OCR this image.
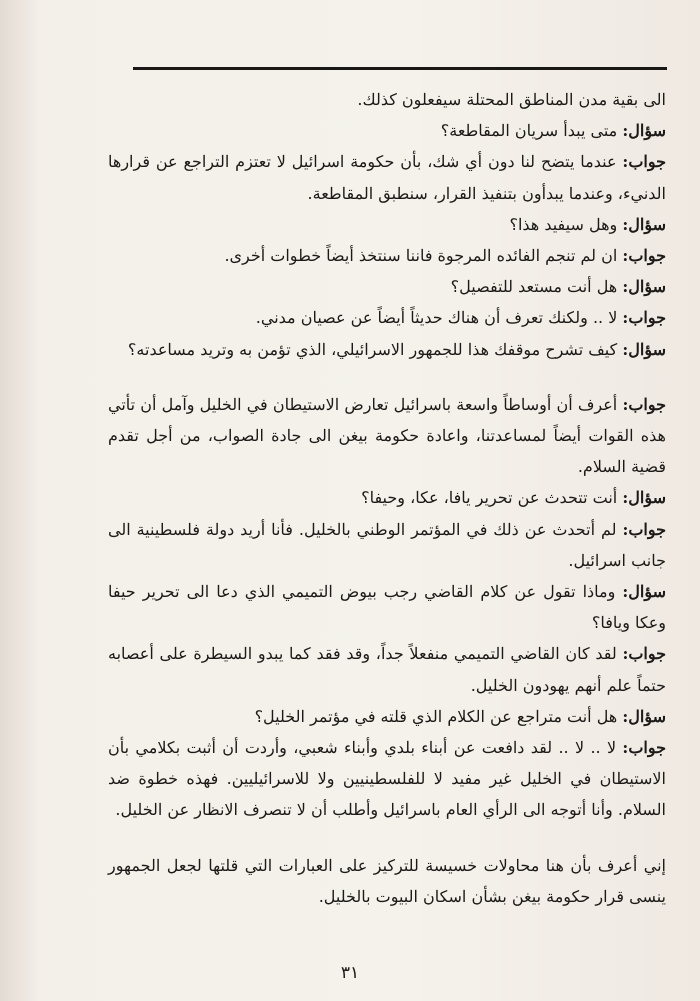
الى بقية مدن المناطق المحتلة سيفعلون كذلك.

سؤال: متى يبدأ سريان المقاطعة؟

جواب: عندما يتضح لنا دون أي شك، بأن حكومة اسرائيل لا تعتزم التراجع عن قرارها الدنيء، وعندما يبدأون بتنفيذ القرار، سنطبق المقاطعة.

سؤال: وهل سيفيد هذا؟

جواب: ان لم تنجم الفائده المرجوة فاننا سنتخذ أيضاً خطوات أخرى.

سؤال: هل أنت مستعد للتفصيل؟

جواب: لا .. ولكنك تعرف أن هناك حديثاً أيضاً عن عصيان مدني.

سؤال: كيف تشرح موقفك هذا للجمهور الاسرائيلي، الذي تؤمن به وتريد مساعدته؟

جواب: أعرف أن أوساطاً واسعة باسرائيل تعارض الاستيطان في الخليل وآمل أن تأتي هذه القوات أيضاً لمساعدتنا، واعادة حكومة بيغن الى جادة الصواب، من أجل تقدم قضية السلام.

سؤال: أنت تتحدث عن تحرير يافا، عكا، وحيفا؟

جواب: لم أتحدث عن ذلك في المؤتمر الوطني بالخليل. فأنا أريد دولة فلسطينية الى جانب اسرائيل.

سؤال: وماذا تقول عن كلام القاضي رجب بيوض التميمي الذي دعا الى تحرير حيفا وعكا ويافا؟

جواب: لقد كان القاضي التميمي منفعلاً جداً، وقد فقد كما يبدو السيطرة على أعصابه حتماً علم أنهم يهودون الخليل.

سؤال: هل أنت متراجع عن الكلام الذي قلته في مؤتمر الخليل؟

جواب: لا .. لا .. لقد دافعت عن أبناء بلدي وأبناء شعبي، وأردت أن أثبت بكلامي بأن الاستيطان في الخليل غير مفيد لا للفلسطينيين ولا للاسرائيليين. فهذه خطوة ضد السلام. وأنا أتوجه الى الرأي العام باسرائيل وأطلب أن لا تنصرف الانظار عن الخليل.

إني أعرف بأن هنا محاولات خسيسة للتركيز على العبارات التي قلتها لجعل الجمهور ينسى قرار حكومة بيغن بشأن اسكان البيوت بالخليل.

٣١
